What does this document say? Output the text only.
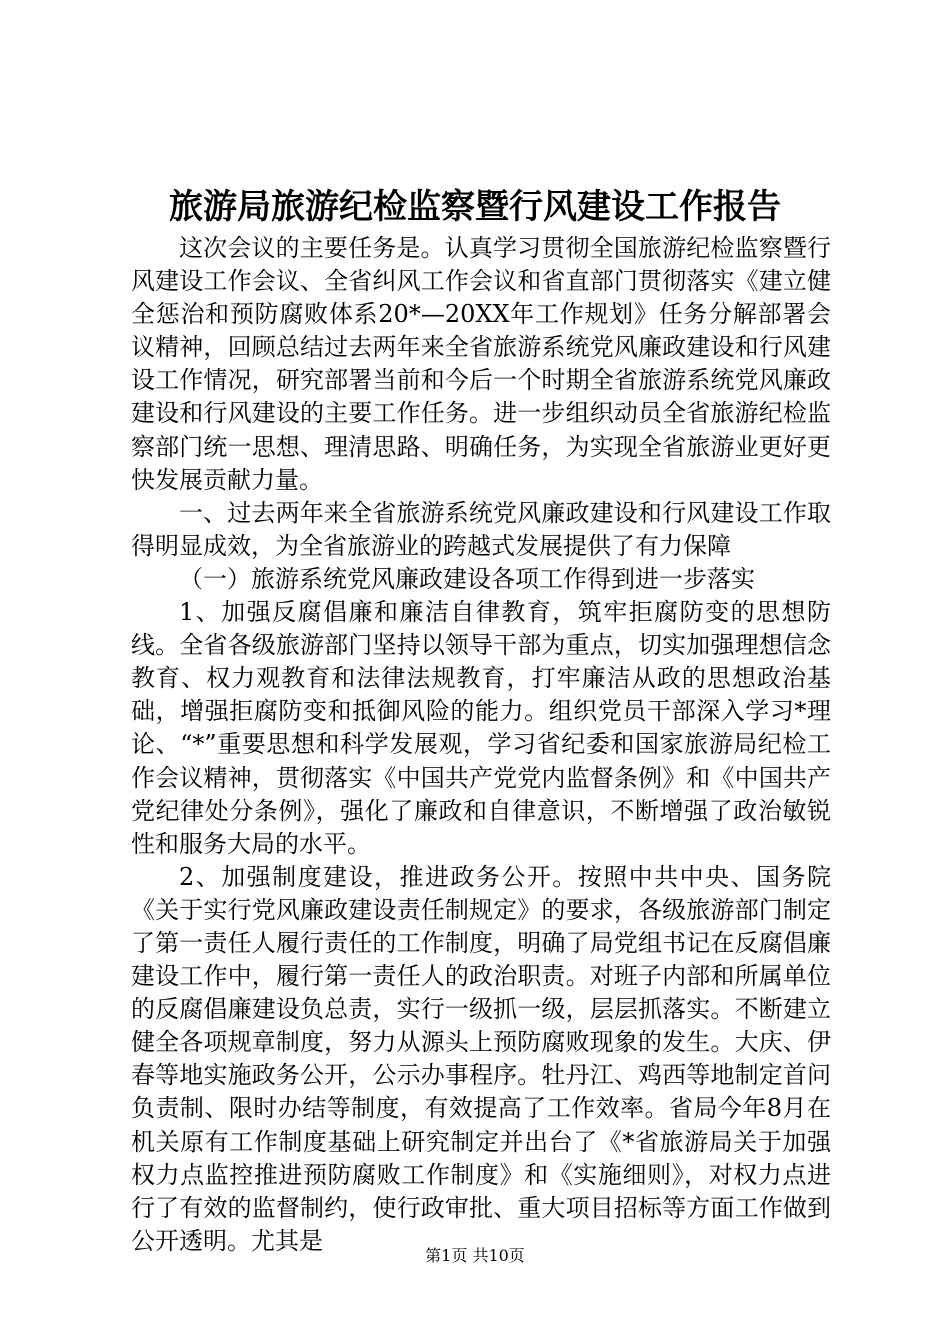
旅游局旅游纪检监察暨行风建设工作报告

这次会议的主要任务是。认真学习贯彻全国旅游纪检监察暨行风建设工作会议、全省纠风工作会议和省直部门贯彻落实《建立健全惩治和预防腐败体系20*—20XX年工作规划》任务分解部署会议精神，回顾总结过去两年来全省旅游系统党风廉政建设和行风建设工作情况，研究部署当前和今后一个时期全省旅游系统党风廉政建设和行风建设的主要工作任务。进一步组织动员全省旅游纪检监察部门统一思想、理清思路、明确任务，为实现全省旅游业更好更快发展贡献力量。

一、过去两年来全省旅游系统党风廉政建设和行风建设工作取得明显成效，为全省旅游业的跨越式发展提供了有力保障

（一）旅游系统党风廉政建设各项工作得到进一步落实

1、加强反腐倡廉和廉洁自律教育，筑牢拒腐防变的思想防线。全省各级旅游部门坚持以领导干部为重点，切实加强理想信念教育、权力观教育和法律法规教育，打牢廉洁从政的思想政治基础，增强拒腐防变和抵御风险的能力。组织党员干部深入学习*理论、“*”重要思想和科学发展观，学习省纪委和国家旅游局纪检工作会议精神，贯彻落实《中国共产党党内监督条例》和《中国共产党纪律处分条例》，强化了廉政和自律意识，不断增强了政治敏锐性和服务大局的水平。

2、加强制度建设，推进政务公开。按照中共中央、国务院《关于实行党风廉政建设责任制规定》的要求，各级旅游部门制定了第一责任人履行责任的工作制度，明确了局党组书记在反腐倡廉建设工作中，履行第一责任人的政治职责。对班子内部和所属单位的反腐倡廉建设负总责，实行一级抓一级，层层抓落实。不断建立健全各项规章制度，努力从源头上预防腐败现象的发生。大庆、伊春等地实施政务公开，公示办事程序。牡丹江、鸡西等地制定首问负责制、限时办结等制度，有效提高了工作效率。省局今年8月在机关原有工作制度基础上研究制定并出台了《*省旅游局关于加强权力点监控推进预防腐败工作制度》和《实施细则》，对权力点进行了有效的监督制约，使行政审批、重大项目招标等方面工作做到公开透明。尤其是

第1页 共10页
